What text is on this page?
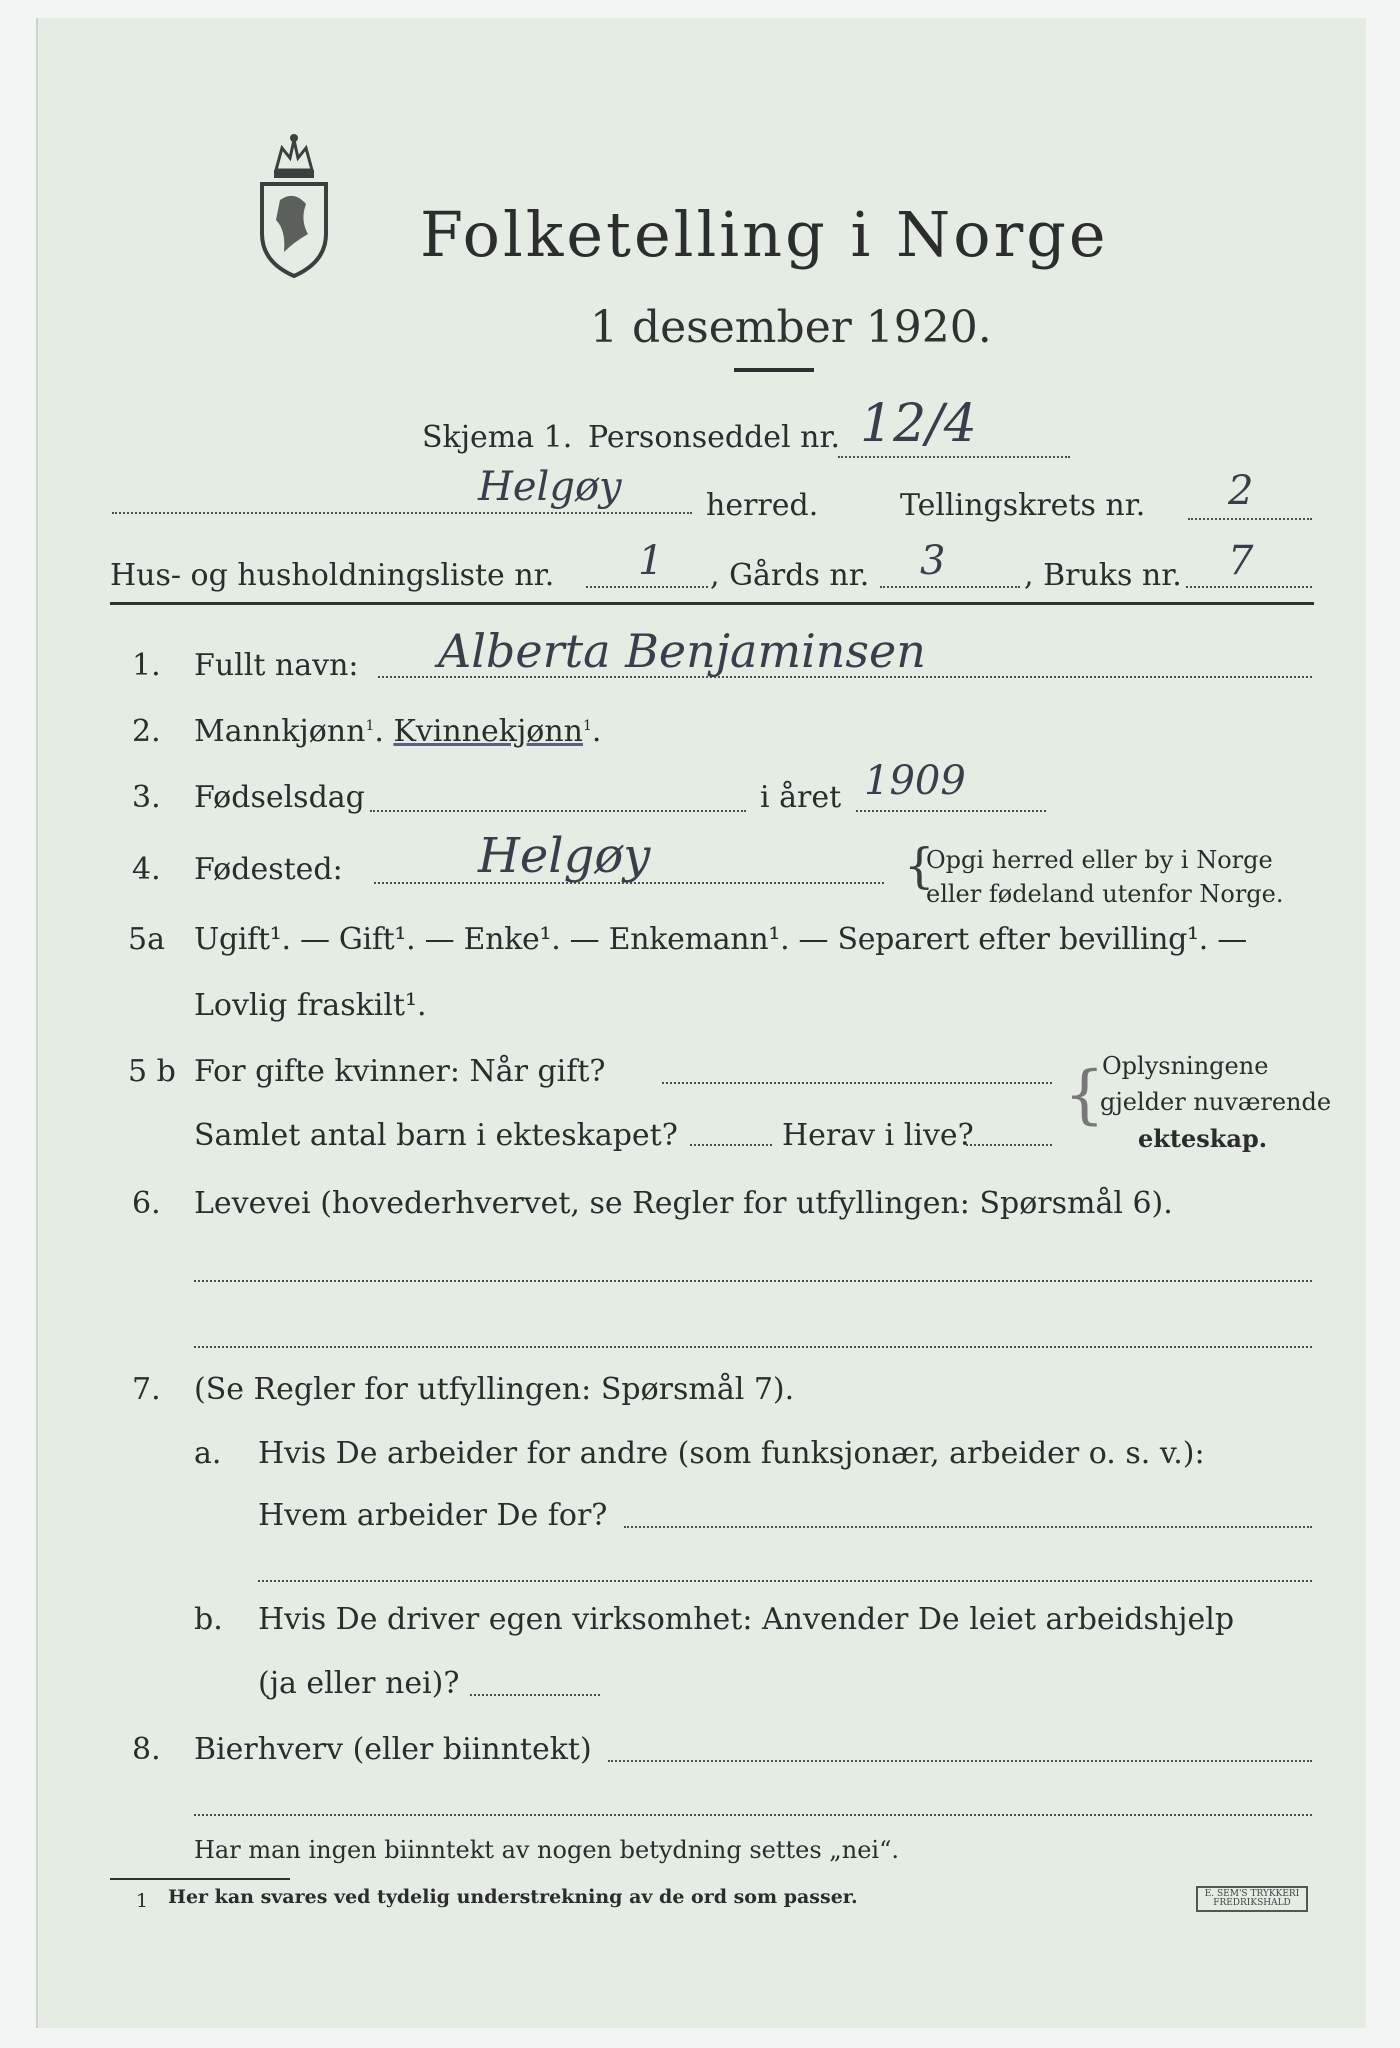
Folketelling i Norge
1 desember 1920.
Skjema 1. Personseddel nr. 12/4
Helgøy	herred.	Tellingskrets nr. 2
Hus- og husholdningsliste nr. 1 , Gårds nr. 3	, Bruks nr. 7
1. Fullt navn: Alberta Benjaminsen
2. Mannkjønn$^1$. Kvinnekjønn$^1$.
3. Fødselsdag	i året 1909
4. Fødested:	Helgøy	{
Opgi herred eller by i Norge
eller fødeland utenfor Norge.
5a Ugift¹. — Gift¹. — Enke¹. — Enkemann¹. — Separert efter bevilling¹. —
Lovlig fraskilt¹.
5 b For gifte kvinner: Når gift?
Samlet antal barn i ekteskapet?	Herav i live?
{
Oplysningene
gjelder nuværende
ekteskap.
6. Levevei (hovederhvervet, se Regler for utfyllingen: Spørsmål 6).
7. (Se Regler for utfyllingen: Spørsmål 7).
a. Hvis De arbeider for andre (som funksjonær, arbeider o. s. v.):
Hvem arbeider De for?
b. Hvis De driver egen virksomhet: Anvender De leiet arbeidshjelp
(ja eller nei)?
8. Bierhverv (eller biinntekt)
Har man ingen biinntekt av nogen betydning settes „nei“.
1 Her kan svares ved tydelig understrekning av de ord som passer.	E. SEM'S TRYKKERI FREDRIKSHALD
